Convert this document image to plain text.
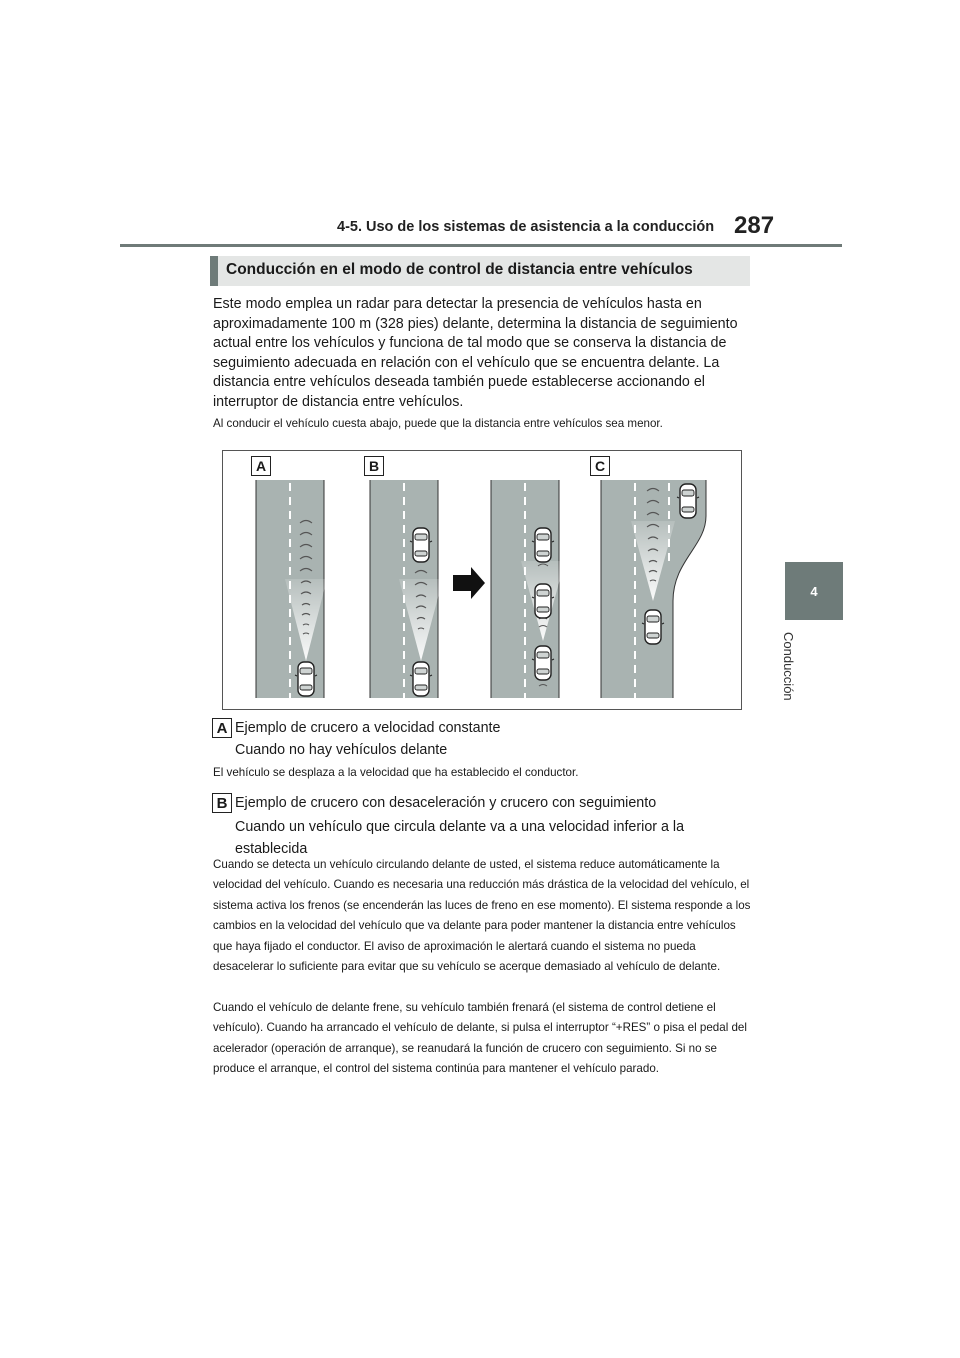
4-5. Uso de los sistemas de asistencia a la conducción 287
4
Conducción
Conducción en el modo de control de distancia entre vehículos
Este modo emplea un radar para detectar la presencia de vehículos hasta en aproximadamente 100 m (328 pies) delante, determina la distancia de seguimiento actual entre los vehículos y funciona de tal modo que se conserva la distancia de seguimiento adecuada en relación con el vehículo que se encuentra delante. La distancia entre vehículos deseada también puede establecerse accionando el interruptor de distancia entre vehículos.
Al conducir el vehículo cuesta abajo, puede que la distancia entre vehículos sea menor.
A	B	C
A Ejemplo de crucero a velocidad constante
Cuando no hay vehículos delante
El vehículo se desplaza a la velocidad que ha establecido el conductor.
B Ejemplo de crucero con desaceleración y crucero con seguimiento
Cuando un vehículo que circula delante va a una velocidad inferior a la establecida
Cuando se detecta un vehículo circulando delante de usted, el sistema reduce automáticamente la velocidad del vehículo. Cuando es necesaria una reducción más drástica de la velocidad del vehículo, el sistema activa los frenos (se encenderán las luces de freno en ese momento). El sistema responde a los cambios en la velocidad del vehículo que va delante para poder mantener la distancia entre vehículos que haya fijado el conductor. El aviso de aproximación le alertará cuando el sistema no pueda desacelerar lo suficiente para evitar que su vehículo se acerque demasiado al vehículo de delante.
Cuando el vehículo de delante frene, su vehículo también frenará (el sistema de control detiene el vehículo). Cuando ha arrancado el vehículo de delante, si pulsa el interruptor “+RES” o pisa el pedal del acelerador (operación de arranque), se reanudará la función de crucero con seguimiento. Si no se produce el arranque, el control del sistema continúa para mantener el vehículo parado.
